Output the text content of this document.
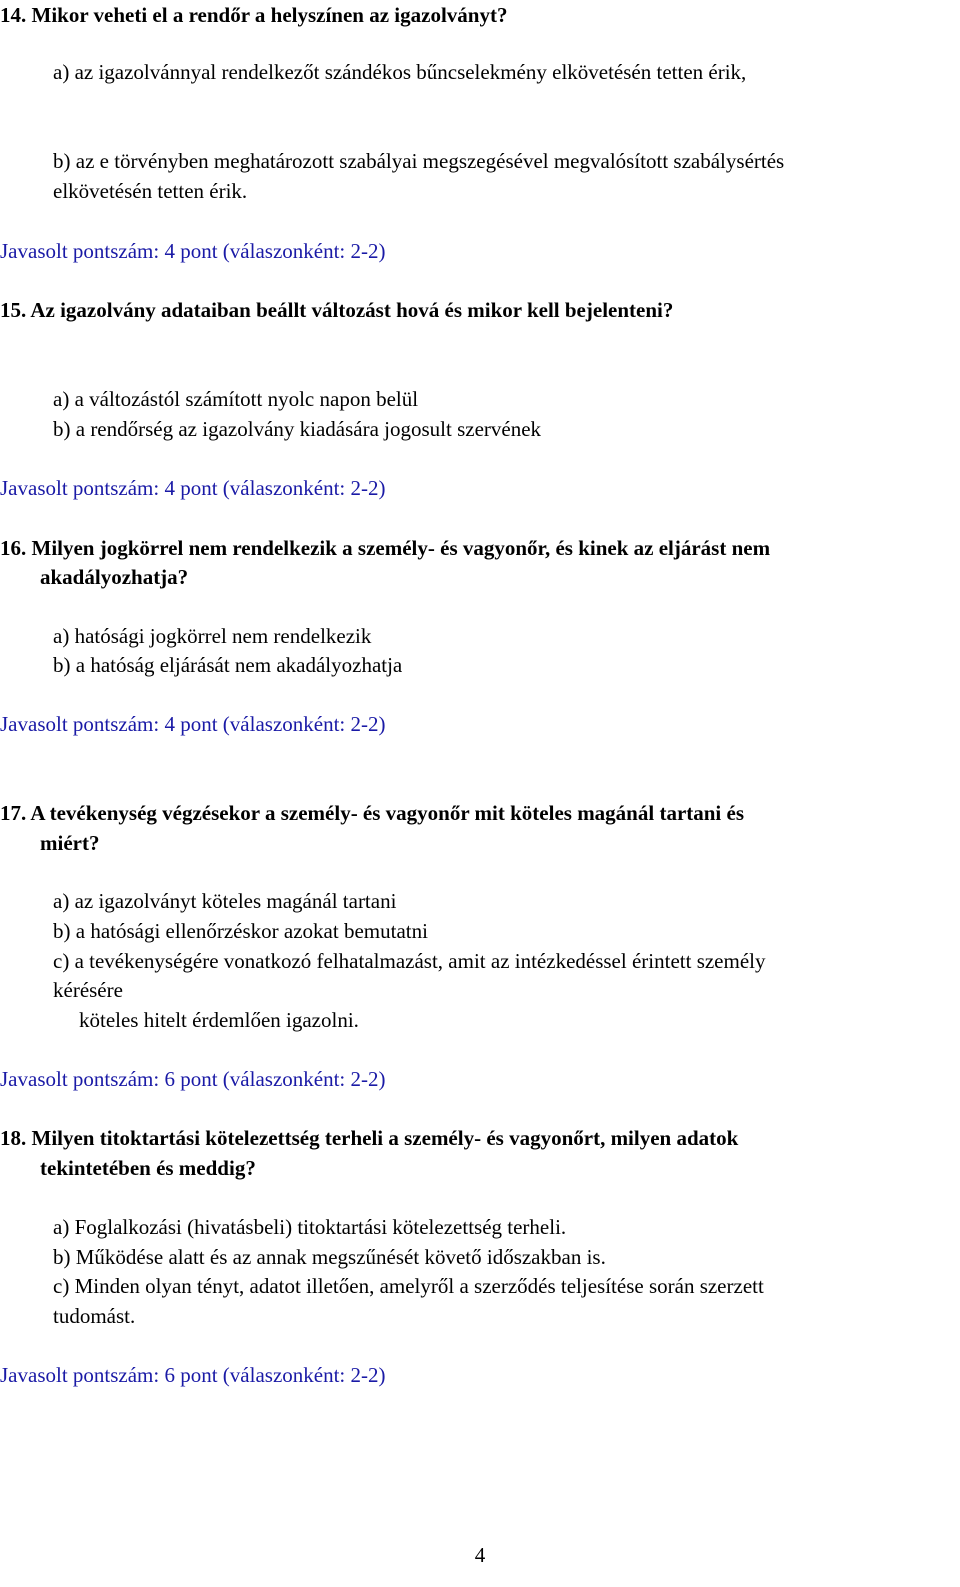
14. Mikor veheti el a rendőr a helyszínen az igazolványt?
a) az igazolvánnyal rendelkezőt szándékos bűncselekmény elkövetésén tetten érik,
b) az e törvényben meghatározott szabályai megszegésével megvalósított szabálysértés
elkövetésén tetten érik.
Javasolt pontszám: 4 pont (válaszonként: 2-2)
15. Az igazolvány adataiban beállt változást hová és mikor kell bejelenteni?
a) a változástól számított nyolc napon belül
b) a rendőrség az igazolvány kiadására jogosult szervének
Javasolt pontszám: 4 pont (válaszonként: 2-2)
16. Milyen jogkörrel nem rendelkezik a személy- és vagyonőr, és kinek az eljárást nem
akadályozhatja?
a) hatósági jogkörrel nem rendelkezik
b) a hatóság eljárását nem akadályozhatja
Javasolt pontszám: 4 pont (válaszonként: 2-2)
17. A tevékenység végzésekor a személy- és vagyonőr mit köteles magánál tartani és
miért?
a) az igazolványt köteles magánál tartani
b) a hatósági ellenőrzéskor azokat bemutatni
c) a tevékenységére vonatkozó felhatalmazást, amit az intézkedéssel érintett személy
kérésére
köteles hitelt érdemlően igazolni.
Javasolt pontszám: 6 pont (válaszonként: 2-2)
18. Milyen titoktartási kötelezettség terheli a személy- és vagyonőrt, milyen adatok
tekintetében és meddig?
a) Foglalkozási (hivatásbeli) titoktartási kötelezettség terheli.
b) Működése alatt és az annak megszűnését követő időszakban is.
c) Minden olyan tényt, adatot illetően, amelyről a szerződés teljesítése során szerzett
tudomást.
Javasolt pontszám: 6 pont (válaszonként: 2-2)
4
